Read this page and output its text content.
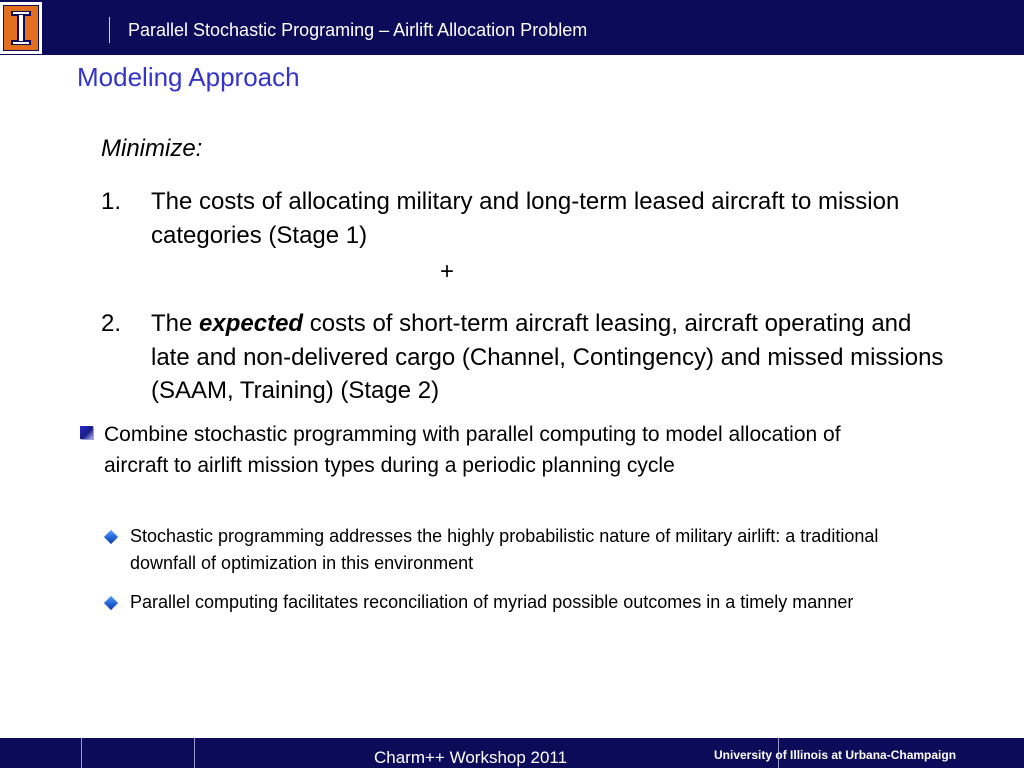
Parallel Stochastic Programing – Airlift Allocation Problem
Modeling Approach
Minimize:
1. The costs of allocating military and long-term leased aircraft to mission categories (Stage 1)
+
2. The expected costs of short-term aircraft leasing, aircraft operating and late and non-delivered cargo (Channel, Contingency) and missed missions (SAAM, Training) (Stage 2)
Combine stochastic programming with parallel computing to model allocation of aircraft to airlift mission types during a periodic planning cycle
Stochastic programming addresses the highly probabilistic nature of military airlift: a traditional downfall of optimization in this environment
Parallel computing facilitates reconciliation of myriad possible outcomes in a timely manner
Charm++ Workshop 2011	University of Illinois at Urbana-Champaign
